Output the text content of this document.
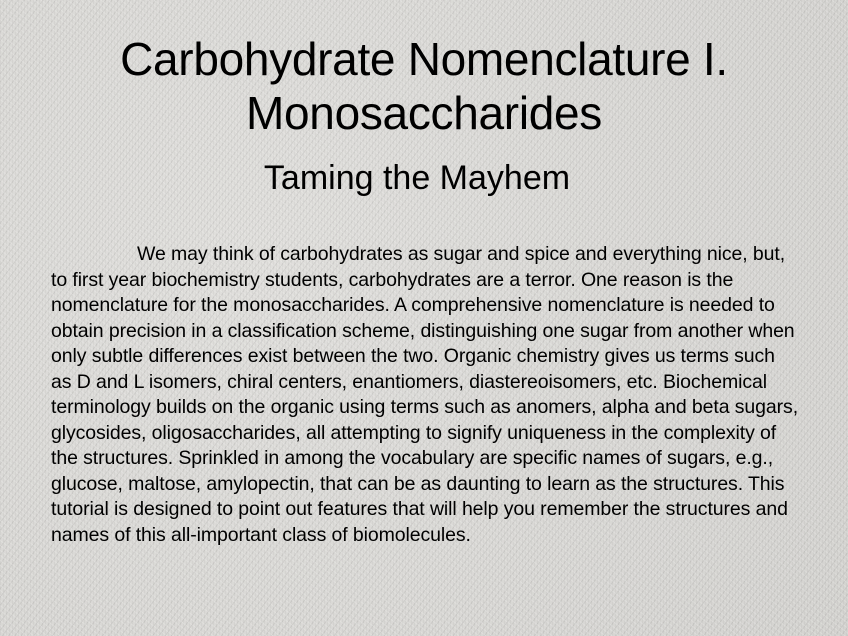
Carbohydrate Nomenclature I.
Monosaccharides
Taming the Mayhem

We may think of carbohydrates as sugar and spice and everything nice, but, to first year biochemistry students, carbohydrates are a terror. One reason is the nomenclature for the monosaccharides. A comprehensive nomenclature is needed to obtain precision in a classification scheme, distinguishing one sugar from another when only subtle differences exist between the two. Organic chemistry gives us terms such as D and L isomers, chiral centers, enantiomers, diastereoisomers, etc. Biochemical terminology builds on the organic using terms such as anomers, alpha and beta sugars, glycosides, oligosaccharides, all attempting to signify uniqueness in the complexity of the structures. Sprinkled in among the vocabulary are specific names of sugars, e.g., glucose, maltose, amylopectin, that can be as daunting to learn as the structures. This tutorial is designed to point out features that will help you remember the structures and names of this all-important class of biomolecules.
